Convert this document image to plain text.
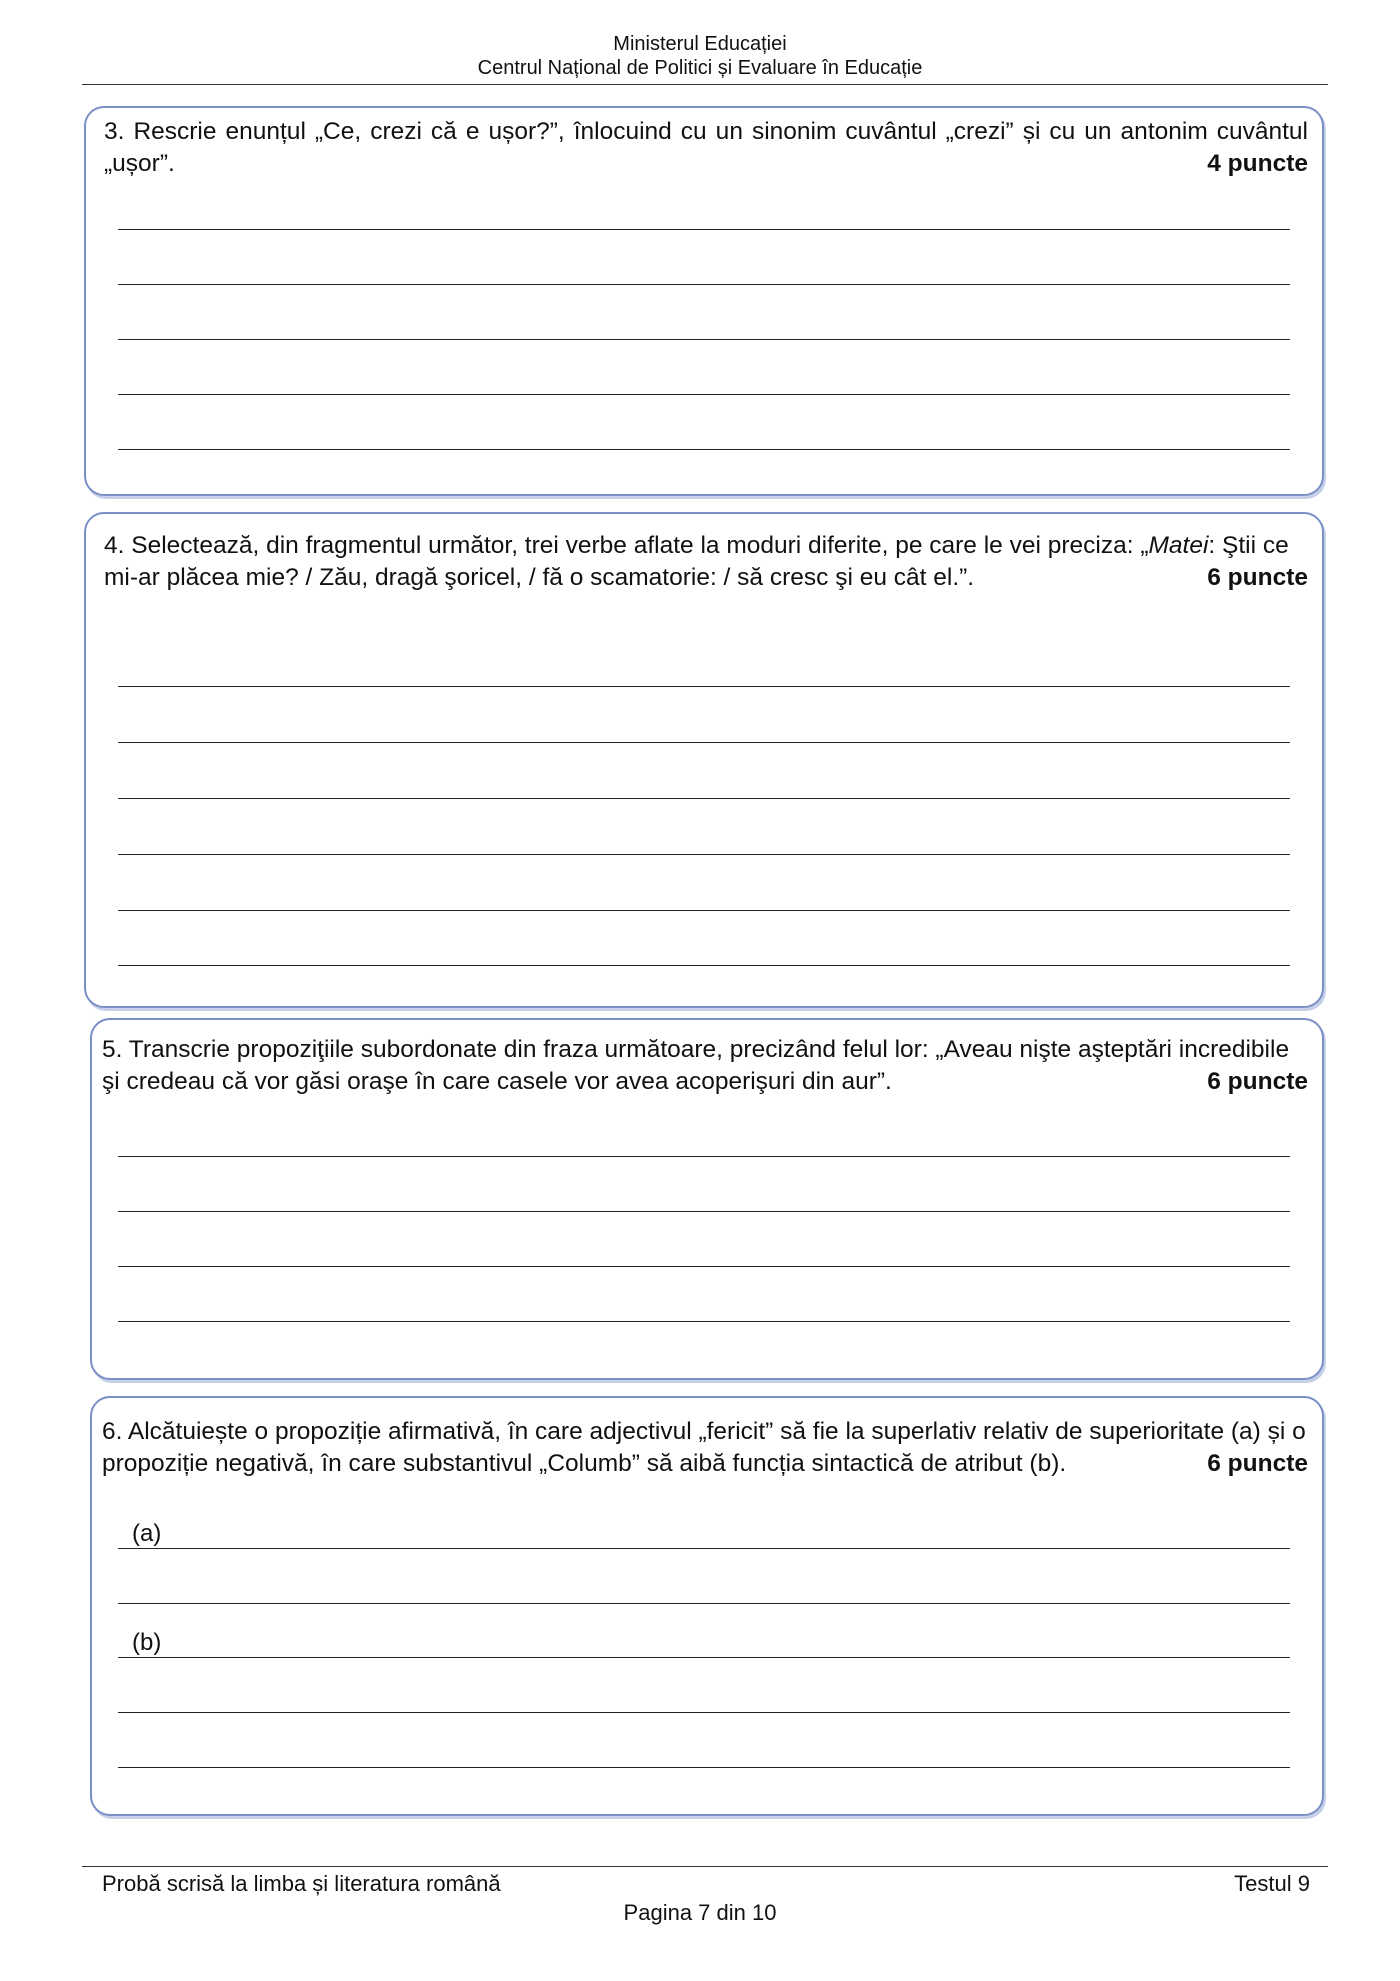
Ministerul Educației
Centrul Național de Politici și Evaluare în Educație
3. Rescrie enunțul „Ce, crezi că e ușor?”, înlocuind cu un sinonim cuvântul „crezi” și cu un antonim cuvântul „ușor”.	4 puncte
4. Selectează, din fragmentul următor, trei verbe aflate la moduri diferite, pe care le vei preciza: „Matei: Ştii ce mi-ar plăcea mie? / Zău, dragă şoricel, / fă o scamatorie: / să cresc şi eu cât el.”.	6 puncte
5. Transcrie propoziţiile subordonate din fraza următoare, precizând felul lor: „Aveau nişte aşteptări incredibile şi credeau că vor găsi oraşe în care casele vor avea acoperişuri din aur”.	6 puncte
6. Alcătuiește o propoziție afirmativă, în care adjectivul „fericit” să fie la superlativ relativ de superioritate (a) și o propoziție negativă, în care substantivul „Columb” să aibă funcția sintactică de atribut (b).	6 puncte
(a)
(b)
Probă scrisă la limba și literatura română	Testul 9
Pagina 7 din 10
